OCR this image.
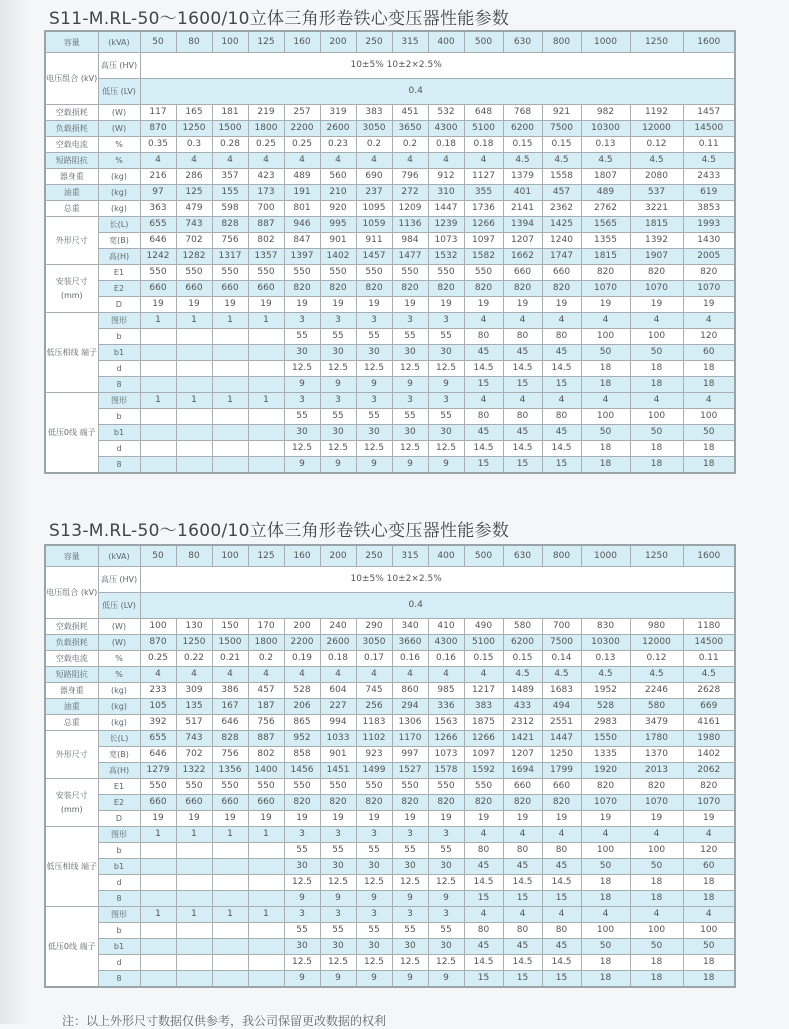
S11-M.RL-50～1600/10立体三角形卷铁心变压器性能参数
容量	(kVA)	50	80	100	125	160	200	250	315	400	500	630	800	1000	1250	1600
电压组合 (kV)	高压 (HV)	10±5% 10±2×2.5%														
	低压 (LV)	0.4														
空载损耗	(W)	117	165	181	219	257	319	383	451	532	648	768	921	982	1192	1457
负载损耗	(W)	870	1250	1500	1800	2200	2600	3050	3650	4300	5100	6200	7500	10300	12000	14500
空载电流	%	0.35	0.3	0.28	0.25	0.25	0.23	0.2	0.2	0.18	0.18	0.15	0.15	0.13	0.12	0.11
短路阻抗	%	4	4	4	4	4	4	4	4	4	4	4.5	4.5	4.5	4.5	4.5
器身重	(kg)	216	286	357	423	489	560	690	796	912	1127	1379	1558	1807	2080	2433
油重	(kg)	97	125	155	173	191	210	237	272	310	355	401	457	489	537	619
总重	(kg)	363	479	598	700	801	920	1095	1209	1447	1736	2141	2362	2762	3221	3853
外形尺寸	长(L)	655	743	828	887	946	995	1059	1136	1239	1266	1394	1425	1565	1815	1993
	宽(B)	646	702	756	802	847	901	911	984	1073	1097	1207	1240	1355	1392	1430
	高(H)	1242	1282	1317	1357	1397	1402	1457	1477	1532	1582	1662	1747	1815	1907	2005
安装尺寸 (mm)	E1	550	550	550	550	550	550	550	550	550	550	660	660	820	820	820
	E2	660	660	660	660	820	820	820	820	820	820	820	820	1070	1070	1070
	D	19	19	19	19	19	19	19	19	19	19	19	19	19	19	19
低压相线 端子	图形	1	1	1	1	3	3	3	3	3	4	4	4	4	4	4
	b					55	55	55	55	55	80	80	80	100	100	120
	b1					30	30	30	30	30	45	45	45	50	50	60
	d					12.5	12.5	12.5	12.5	12.5	14.5	14.5	14.5	18	18	18
	8					9	9	9	9	9	15	15	15	18	18	18
低压0线 端子	图形	1	1	1	1	3	3	3	3	3	4	4	4	4	4	4
	b					55	55	55	55	55	80	80	80	100	100	100
	b1					30	30	30	30	30	45	45	45	50	50	50
	d					12.5	12.5	12.5	12.5	12.5	14.5	14.5	14.5	18	18	18
	8					9	9	9	9	9	15	15	15	18	18	18
S13-M.RL-50～1600/10立体三角形卷铁心变压器性能参数
容量	(kVA)	50	80	100	125	160	200	250	315	400	500	630	800	1000	1250	1600
电压组合 (kV)	高压 (HV)	10±5% 10±2×2.5%														
	低压 (LV)	0.4														
空载损耗	(W)	100	130	150	170	200	240	290	340	410	490	580	700	830	980	1180
负载损耗	(W)	870	1250	1500	1800	2200	2600	3050	3660	4300	5100	6200	7500	10300	12000	14500
空载电流	%	0.25	0.22	0.21	0.2	0.19	0.18	0.17	0.16	0.16	0.15	0.15	0.14	0.13	0.12	0.11
短路阻抗	%	4	4	4	4	4	4	4	4	4	4	4.5	4.5	4.5	4.5	4.5
器身重	(kg)	233	309	386	457	528	604	745	860	985	1217	1489	1683	1952	2246	2628
油重	(kg)	105	135	167	187	206	227	256	294	336	383	433	494	528	580	669
总重	(kg)	392	517	646	756	865	994	1183	1306	1563	1875	2312	2551	2983	3479	4161
外形尺寸	长(L)	655	743	828	887	952	1033	1102	1170	1266	1266	1421	1447	1550	1780	1980
	宽(B)	646	702	756	802	858	901	923	997	1073	1097	1207	1250	1335	1370	1402
	高(H)	1279	1322	1356	1400	1456	1451	1499	1527	1578	1592	1694	1799	1920	2013	2062
安装尺寸 (mm)	E1	550	550	550	550	550	550	550	550	550	550	660	660	820	820	820
	E2	660	660	660	660	820	820	820	820	820	820	820	820	1070	1070	1070
	D	19	19	19	19	19	19	19	19	19	19	19	19	19	19	19
低压相线 端子	图形	1	1	1	1	3	3	3	3	3	4	4	4	4	4	4
	b					55	55	55	55	55	80	80	80	100	100	120
	b1					30	30	30	30	30	45	45	45	50	50	60
	d					12.5	12.5	12.5	12.5	12.5	14.5	14.5	14.5	18	18	18
	8					9	9	9	9	9	15	15	15	18	18	18
低压0线 端子	图形	1	1	1	1	3	3	3	3	3	4	4	4	4	4	4
	b					55	55	55	55	55	80	80	80	100	100	100
	b1					30	30	30	30	30	45	45	45	50	50	50
	d					12.5	12.5	12.5	12.5	12.5	14.5	14.5	14.5	18	18	18
	8					9	9	9	9	9	15	15	15	18	18	18
注：以上外形尺寸数据仅供参考，我公司保留更改数据的权利
